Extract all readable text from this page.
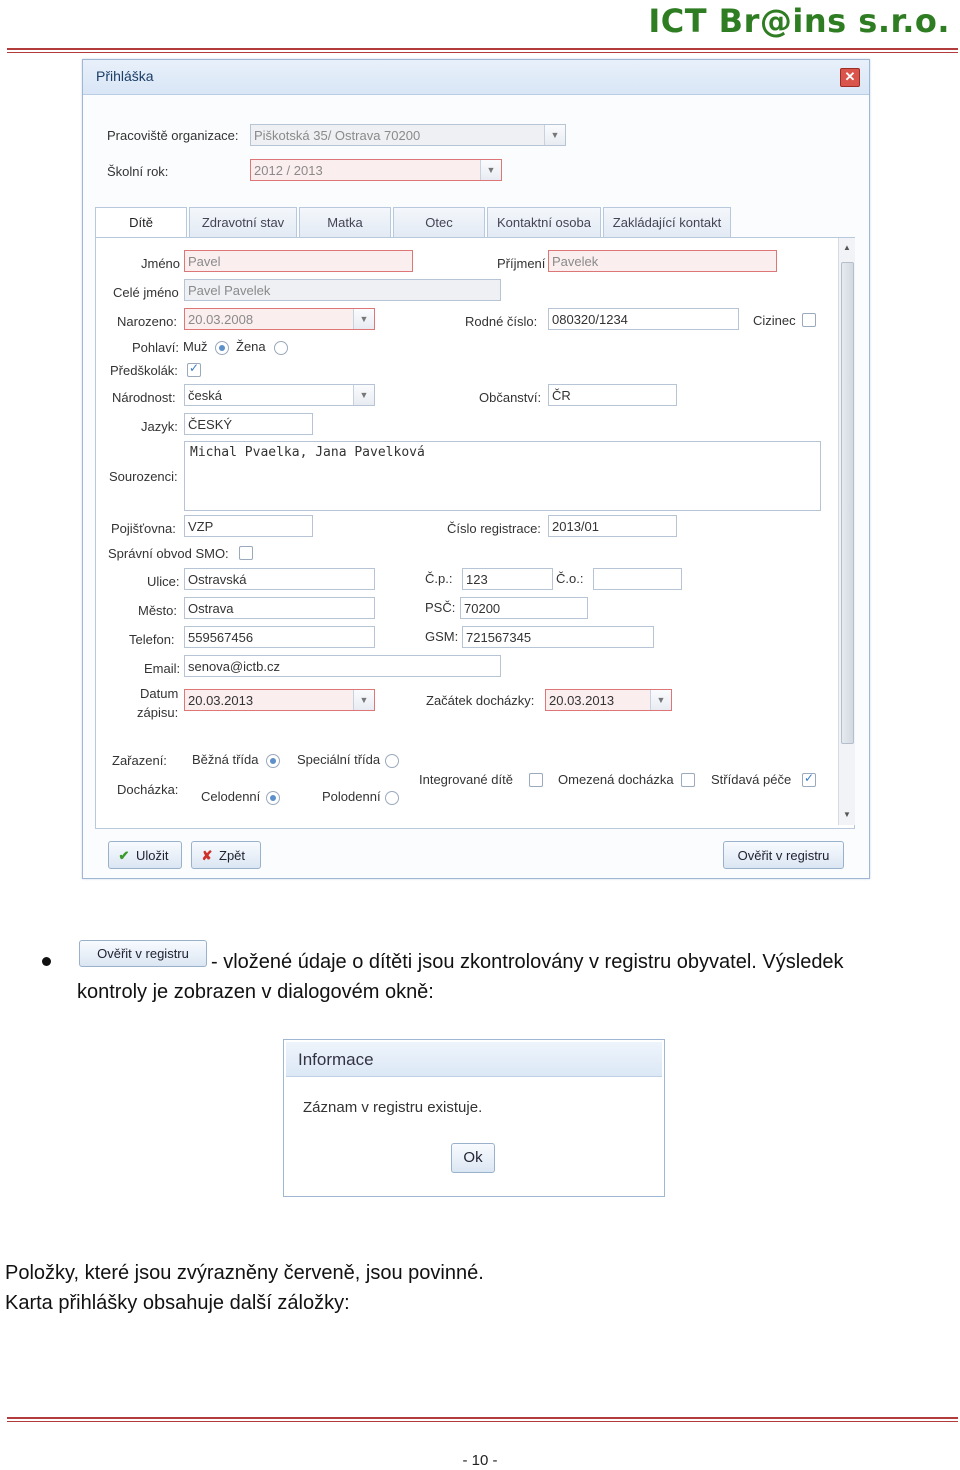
ICT Br@ins s.r.o.
Přihláška	✕
Pracoviště organizace:	Piškotská 35/ Ostrava 70200	▼
Školní rok:	2012 / 2013	▼
Dítě	Zdravotní stav	Matka	Otec	Kontaktní osoba	Zakládající kontakt
▲
▼
Jméno Pavel	Příjmení Pavelek
Celé jméno Pavel Pavelek
Narozeno: 20.03.2008	▼	Rodné číslo:	080320/1234	Cizinec
Pohlaví: Muž Žena
Předškolák:
✓
Národnost: česká	▼	Občanství: ČR
Jazyk: ČESKÝ
Sourozenci:
Michal Pvaelka, Jana Pavelková
Pojišťovna: VZP	Číslo registrace: 2013/01
Správní obvod SMO:
Ulice: Ostravská	Č.p.:	123	Č.o.:
Město: Ostrava	PSČ: 70200
Telefon:	559567456	GSM: 721567345
Email: senova@ictb.cz
Datum
zápisu:
20.03.2013	▼	Začátek docházky:	20.03.2013	▼
Zařazení: Běžná třída	Speciální třída
Integrované dítě	Omezená docházka	Střídavá péče
✓
Docházka: Celodenní	Polodenní
✔ Uložit	✘ Zpět	Ověřit v registru
Ověřit v registru	- vložené údaje o dítěti jsou zkontrolovány v registru obyvatel. Výsledek
kontroly je zobrazen v dialogovém okně:
Informace
Záznam v registru existuje.
Ok
Položky, které jsou zvýrazněny červeně, jsou povinné.
Karta přihlášky obsahuje další záložky:
- 10 -
